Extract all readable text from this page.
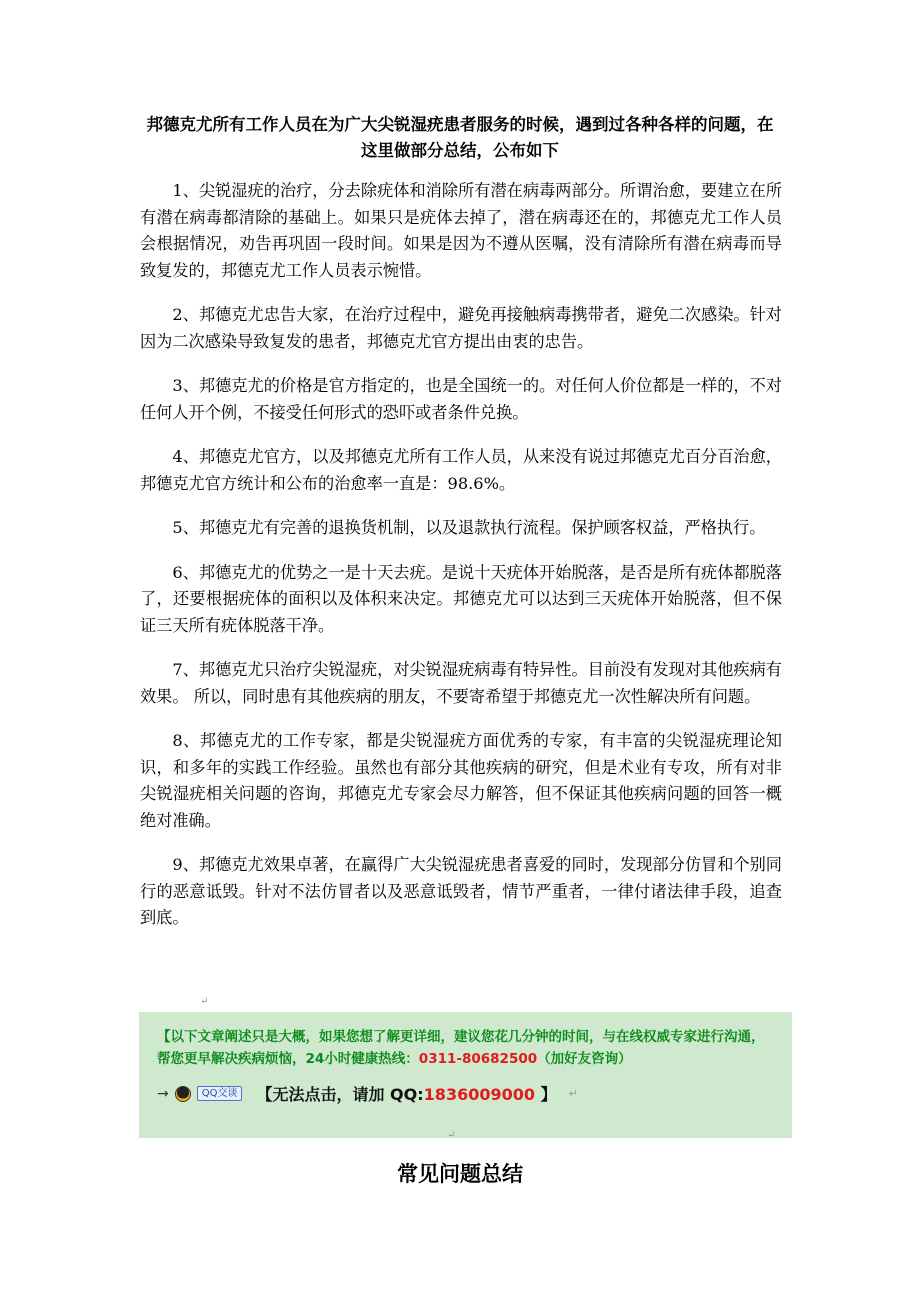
邦德克尤所有工作人员在为广大尖锐湿疣患者服务的时候，遇到过各种各样的问题，在这里做部分总结，公布如下

1、尖锐湿疣的治疗，分去除疣体和消除所有潜在病毒两部分。所谓治愈，要建立在所有潜在病毒都清除的基础上。如果只是疣体去掉了，潜在病毒还在的，邦德克尤工作人员会根据情况，劝告再巩固一段时间。如果是因为不遵从医嘱，没有清除所有潜在病毒而导致复发的，邦德克尤工作人员表示惋惜。

2、邦德克尤忠告大家，在治疗过程中，避免再接触病毒携带者，避免二次感染。针对因为二次感染导致复发的患者，邦德克尤官方提出由衷的忠告。

3、邦德克尤的价格是官方指定的，也是全国统一的。对任何人价位都是一样的，不对任何人开个例，不接受任何形式的恐吓或者条件兑换。

4、邦德克尤官方，以及邦德克尤所有工作人员，从来没有说过邦德克尤百分百治愈，邦德克尤官方统计和公布的治愈率一直是：98.6%。

5、邦德克尤有完善的退换货机制，以及退款执行流程。保护顾客权益，严格执行。

6、邦德克尤的优势之一是十天去疣。是说十天疣体开始脱落，是否是所有疣体都脱落了，还要根据疣体的面积以及体积来决定。邦德克尤可以达到三天疣体开始脱落，但不保证三天所有疣体脱落干净。

7、邦德克尤只治疗尖锐湿疣，对尖锐湿疣病毒有特异性。目前没有发现对其他疾病有效果。 所以，同时患有其他疾病的朋友，不要寄希望于邦德克尤一次性解决所有问题。

8、邦德克尤的工作专家，都是尖锐湿疣方面优秀的专家，有丰富的尖锐湿疣理论知识，和多年的实践工作经验。虽然也有部分其他疾病的研究，但是术业有专攻，所有对非尖锐湿疣相关问题的咨询，邦德克尤专家会尽力解答，但不保证其他疾病问题的回答一概绝对准确。

9、邦德克尤效果卓著，在赢得广大尖锐湿疣患者喜爱的同时，发现部分仿冒和个别同行的恶意诋毁。针对不法仿冒者以及恶意诋毁者，情节严重者，一律付诸法律手段，追查到底。

↵
【以下文章阐述只是大概，如果您想了解更详细，建议您花几分钟的时间，与在线权威专家进行沟通，帮您更早解决疾病烦恼，24小时健康热线：0311-80682500（加好友咨询）
→	QQ交谈	【无法点击，请加 QQ:1836009000 】 ↵
↵
常见问题总结
